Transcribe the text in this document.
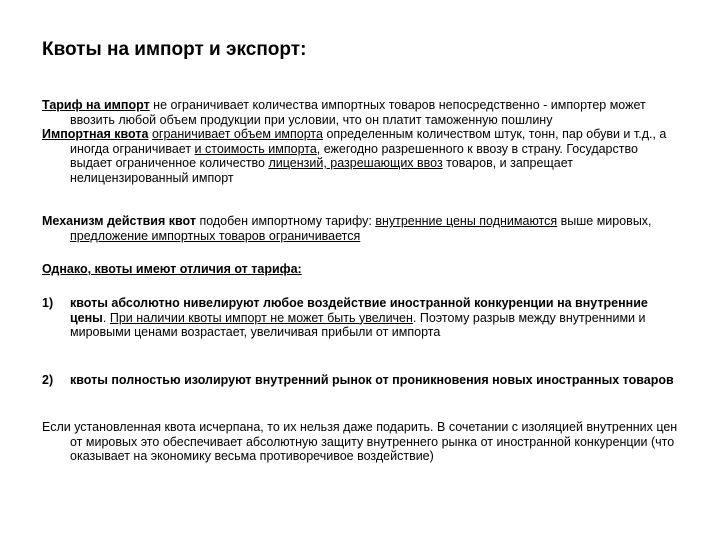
Квоты на импорт и экспорт:

Тариф на импорт не ограничивает количества импортных товаров непосредственно - импортер может ввозить любой объем продукции при условии, что он платит таможенную пошлину

Импортная квота ограничивает объем импорта определенным количеством штук, тонн, пар обуви и т.д., а иногда ограничивает и стоимость импорта, ежегодно разрешенного к ввозу в страну. Государство выдает ограниченное количество лицензий, разрешающих ввоз товаров, и запрещает нелицензированный импорт

Механизм действия квот подобен импортному тарифу: внутренние цены поднимаются выше мировых, предложение импортных товаров ограничивается

Однако, квоты имеют отличия от тарифа:

1) квоты абсолютно нивелируют любое воздействие иностранной конкуренции на внутренние цены. При наличии квоты импорт не может быть увеличен. Поэтому разрыв между внутренними и мировыми ценами возрастает, увеличивая прибыли от импорта
2) квоты полностью изолируют внутренний рынок от проникновения новых иностранных товаров

Если установленная квота исчерпана, то их нельзя даже подарить. В сочетании с изоляцией внутренних цен от мировых это обеспечивает абсолютную защиту внутреннего рынка от иностранной конкуренции (что оказывает на экономику весьма противоречивое воздействие)
